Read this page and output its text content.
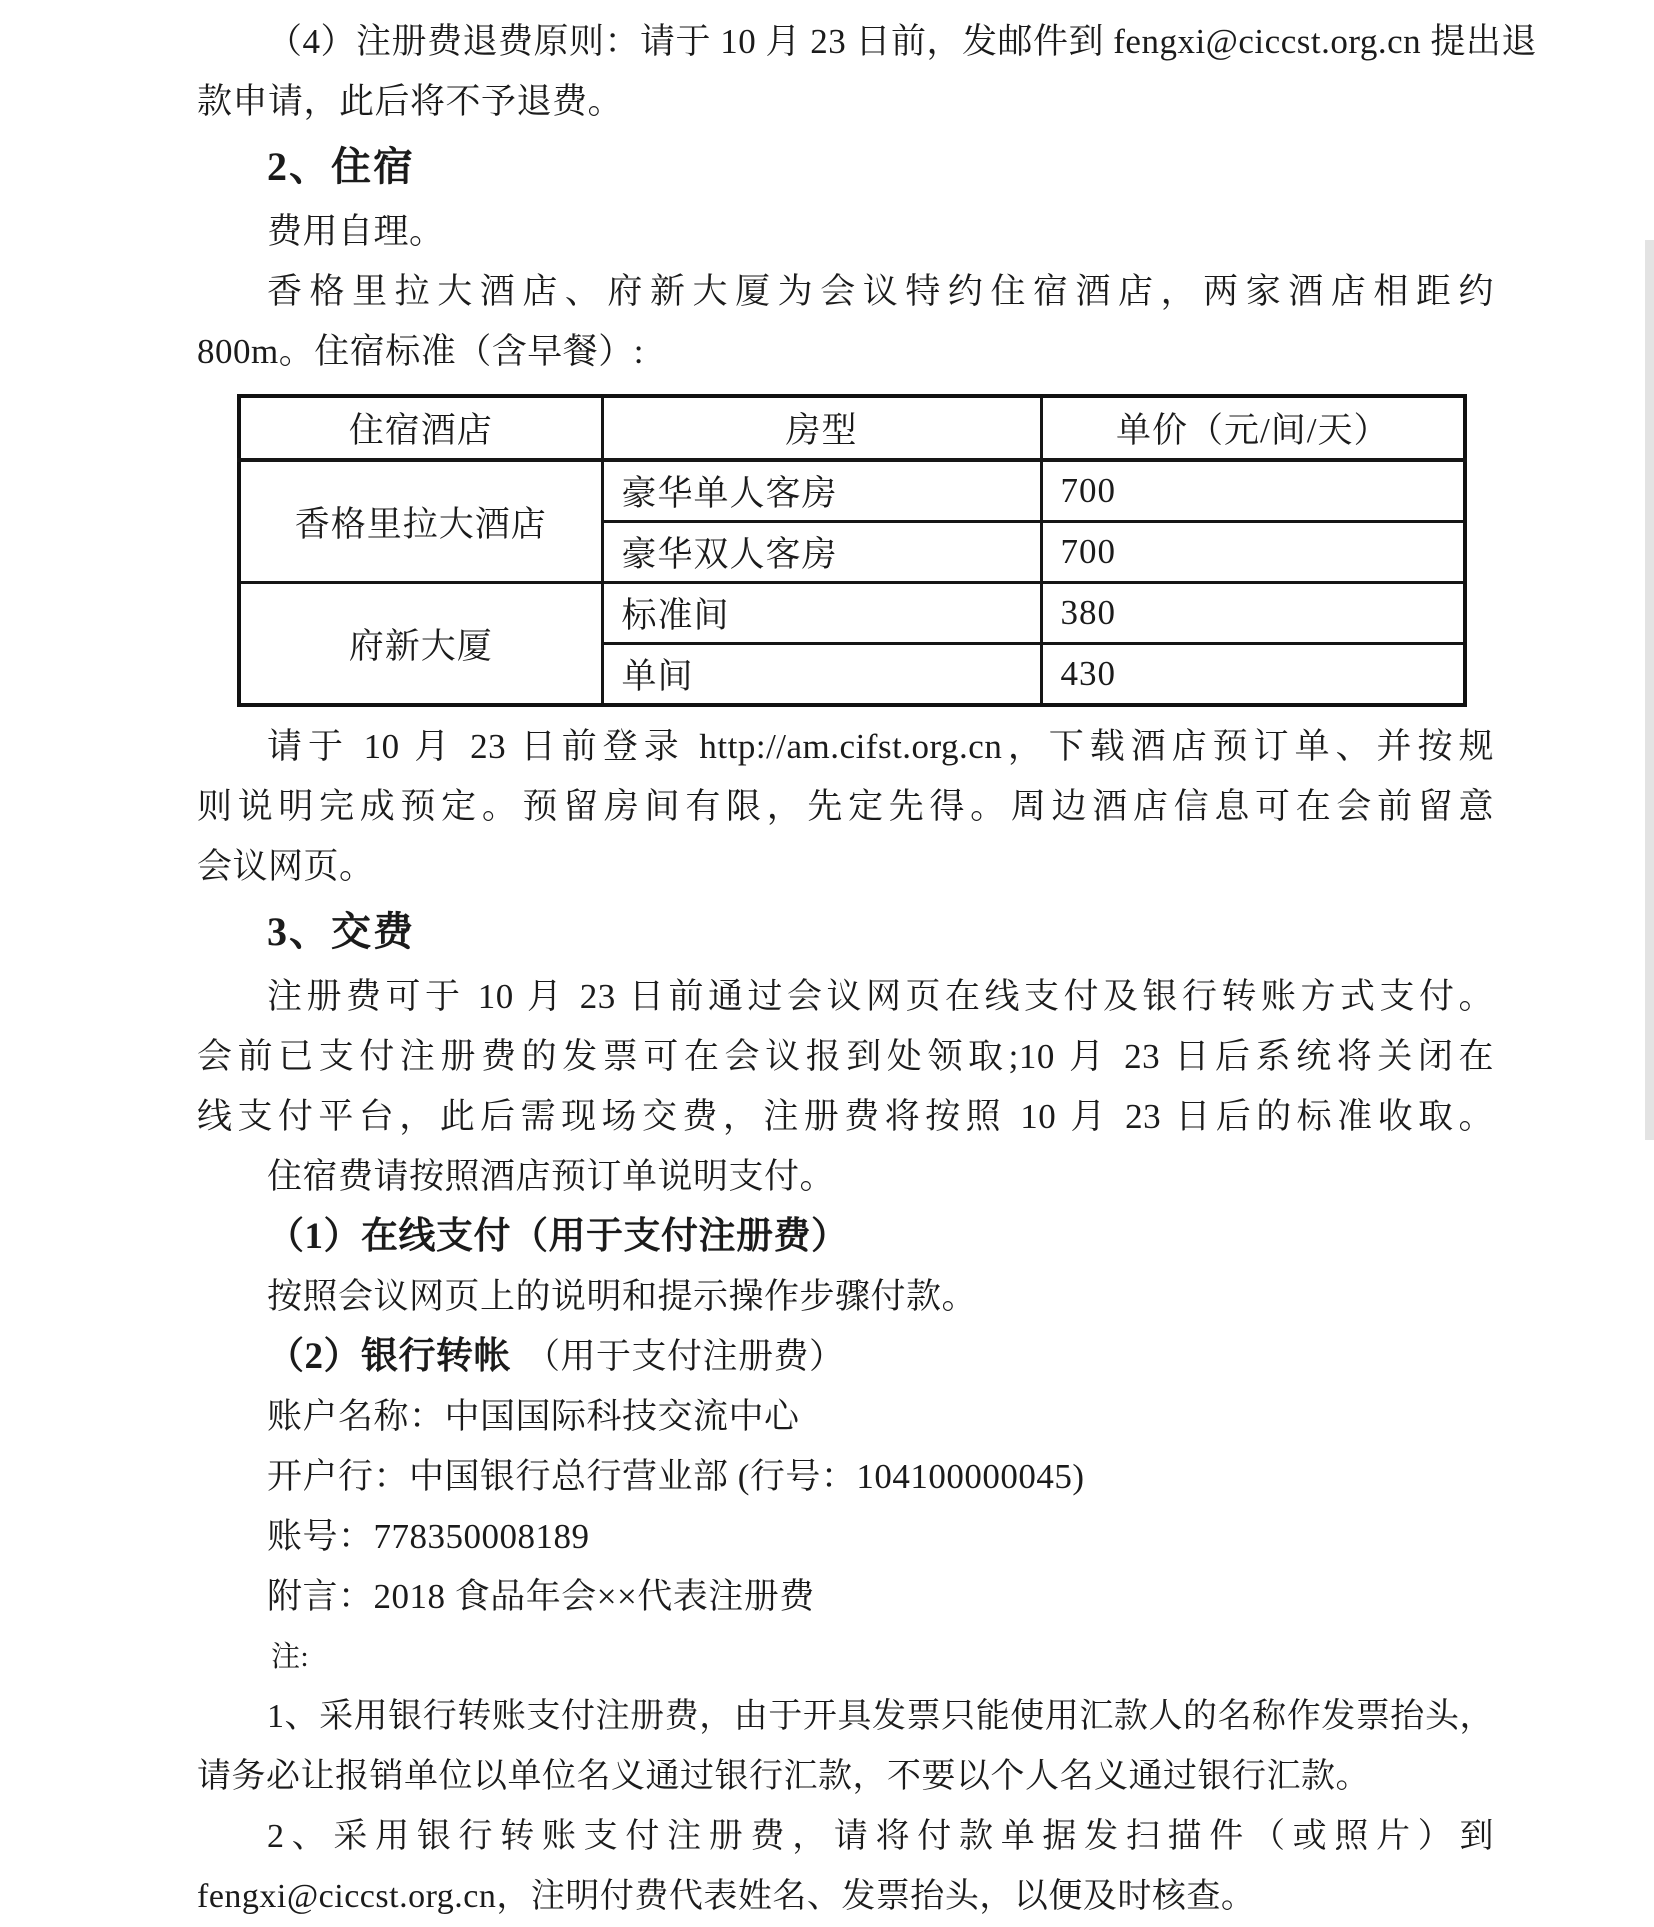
（4）注册费退费原则：请于 10 月 23 日前，发邮件到 fengxi@ciccst.org.cn 提出退
款申请，此后将不予退费。
2、住宿
费用自理。
香格里拉大酒店、府新大厦为会议特约住宿酒店，两家酒店相距约
800m。住宿标准（含早餐）:
住宿酒店	房型	单价（元/间/天）
香格里拉大酒店	豪华单人客房	700
	豪华双人客房	700
府新大厦	标准间	380
	单间	430
请于 10 月 23 日前登录 http://am.cifst.org.cn，下载酒店预订单、并按规
则说明完成预定。预留房间有限，先定先得。周边酒店信息可在会前留意
会议网页。
3、交费
注册费可于 10 月 23 日前通过会议网页在线支付及银行转账方式支付。
会前已支付注册费的发票可在会议报到处领取;10 月 23 日后系统将关闭在
线支付平台，此后需现场交费，注册费将按照 10 月 23 日后的标准收取。
住宿费请按照酒店预订单说明支付。
（1）在线支付（用于支付注册费）
按照会议网页上的说明和提示操作步骤付款。
（2）银行转帐 （用于支付注册费）
账户名称：中国国际科技交流中心
开户行：中国银行总行营业部 (行号：104100000045)
账号：778350008189
附言：2018 食品年会××代表注册费
注:
1、采用银行转账支付注册费，由于开具发票只能使用汇款人的名称作发票抬头，
请务必让报销单位以单位名义通过银行汇款，不要以个人名义通过银行汇款。
2、采用银行转账支付注册费，请将付款单据发扫描件（或照片）到
fengxi@ciccst.org.cn，注明付费代表姓名、发票抬头，以便及时核查。
